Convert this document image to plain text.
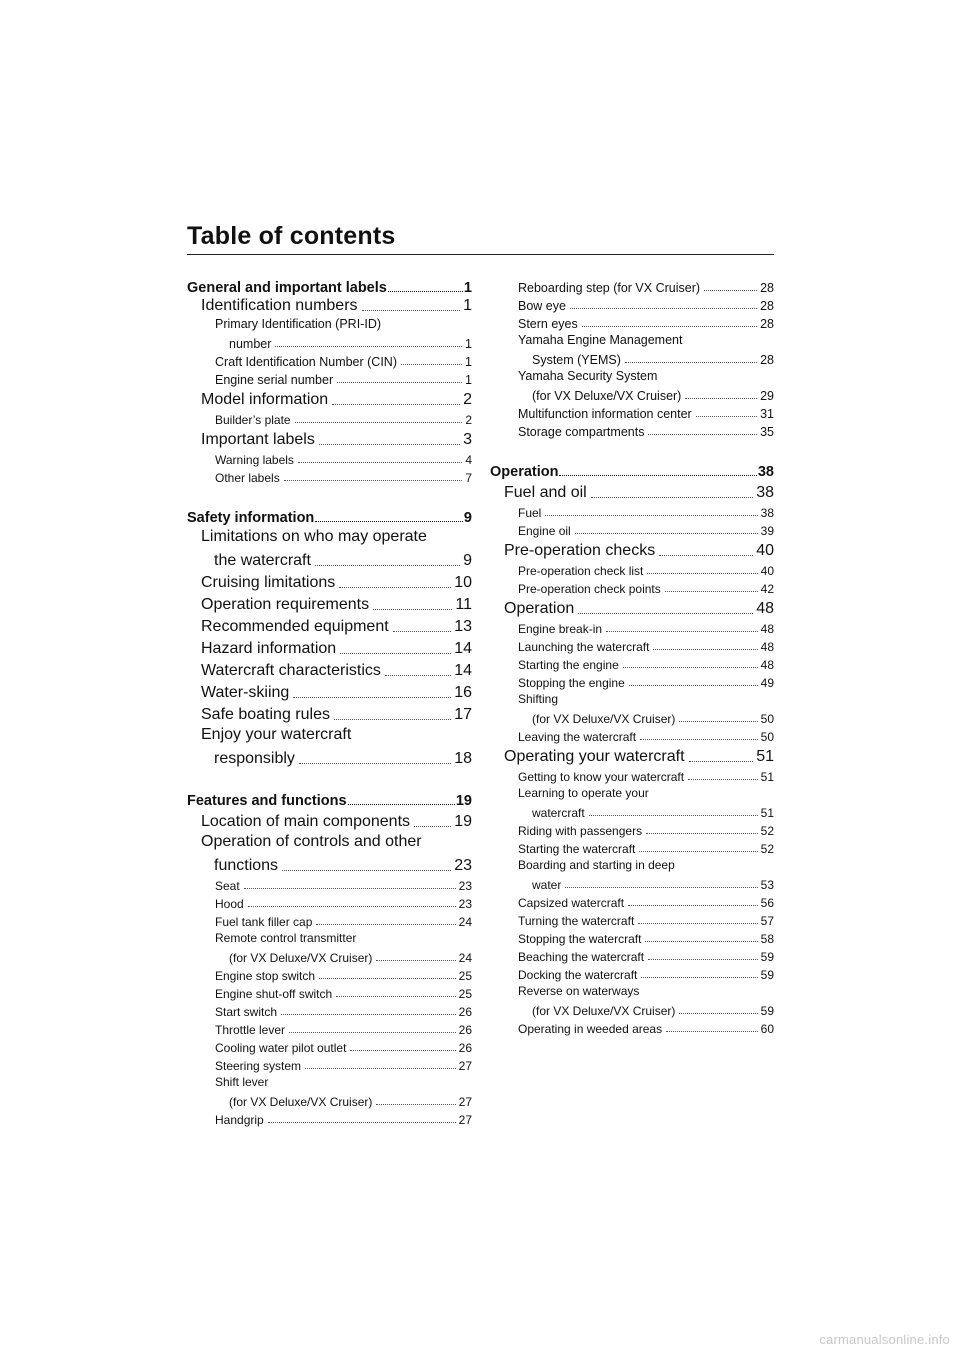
Table of contents
General and important labels	1
Identification numbers	1
Primary Identification (PRI-ID)
number	1
Craft Identification Number (CIN)	1
Engine serial number	1
Model information	2
Builder’s plate	2
Important labels	3
Warning labels	4
Other labels	7
Safety information	9
Limitations on who may operate
the watercraft	9
Cruising limitations	10
Operation requirements	11
Recommended equipment	13
Hazard information	14
Watercraft characteristics	14
Water-skiing	16
Safe boating rules	17
Enjoy your watercraft
responsibly	18
Features and functions	19
Location of main components	19
Operation of controls and other
functions	23
Seat	23
Hood	23
Fuel tank filler cap	24
Remote control transmitter
(for VX Deluxe/VX Cruiser)	24
Engine stop switch	25
Engine shut-off switch	25
Start switch	26
Throttle lever	26
Cooling water pilot outlet	26
Steering system	27
Shift lever
(for VX Deluxe/VX Cruiser)	27
Handgrip	27
Reboarding step (for VX Cruiser)	28
Bow eye	28
Stern eyes	28
Yamaha Engine Management
System (YEMS)	28
Yamaha Security System
(for VX Deluxe/VX Cruiser)	29
Multifunction information center	31
Storage compartments	35
Operation	38
Fuel and oil	38
Fuel	38
Engine oil	39
Pre-operation checks	40
Pre-operation check list	40
Pre-operation check points	42
Operation	48
Engine break-in	48
Launching the watercraft	48
Starting the engine	48
Stopping the engine	49
Shifting
(for VX Deluxe/VX Cruiser)	50
Leaving the watercraft	50
Operating your watercraft	51
Getting to know your watercraft	51
Learning to operate your
watercraft	51
Riding with passengers	52
Starting the watercraft	52
Boarding and starting in deep
water	53
Capsized watercraft	56
Turning the watercraft	57
Stopping the watercraft	58
Beaching the watercraft	59
Docking the watercraft	59
Reverse on waterways
(for VX Deluxe/VX Cruiser)	59
Operating in weeded areas	60
carmanualsonline.info
